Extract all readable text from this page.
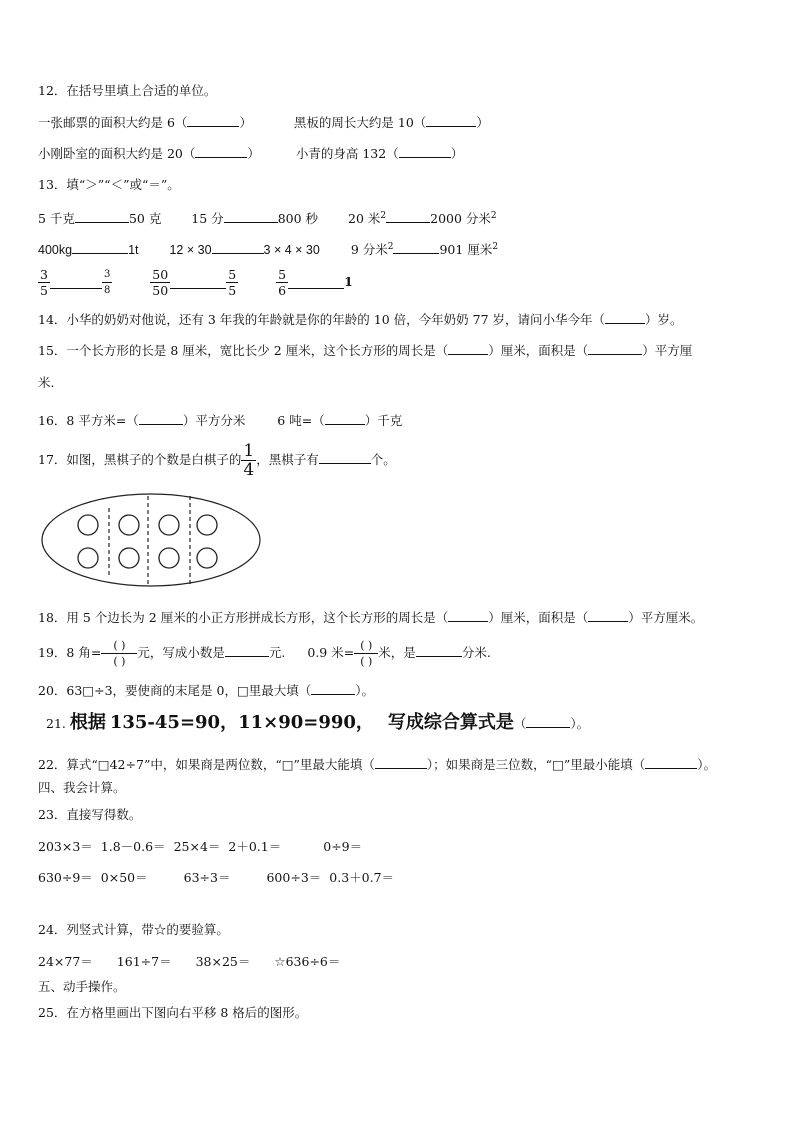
12．在括号里填上合适的单位。
一张邮票的面积大约是 6（	）	黑板的周长大约是 10（	）
小刚卧室的面积大约是 20（	）	小青的身高 132（	）
13．填“＞”“＜”或“＝”。
5 千克	50 克 15 分	800 秒 20 米$^2$	2000 分米$^2$
400kg	1t 12 × 30	3 × 4 × 30 9 分米$^2$	901 厘米$^2$
$\frac{3}{5}$	$\frac{3}{8}$
	$\frac{50}{50}$	$\frac{5}{5}$
	$\frac{5}{6}$	1
14．小华的奶奶对他说，还有 3 年我的年龄就是你的年龄的 10 倍，今年奶奶 77 岁，请问小华今年（	）岁。
15．一个长方形的长是 8 厘米，宽比长少 2 厘米，这个长方形的周长是（	）厘米，面积是（	）平方厘
米.
16．8 平方米=（	）平方分米	6 吨=（	）千克
17．如图，黑棋子的个数是白棋子的 $\frac{1}{4}$ ，黑棋子有	个。
18．用 5 个边长为 2 厘米的小正方形拼成长方形，这个长方形的周长是（	）厘米，面积是（	）平方厘米。
19．8 角= $\frac{( )}{( )}$ 元，写成小数是	元. 0.9 米= $\frac{( )}{( )}$ 米，是	分米.
20．63□÷3，要使商的末尾是 0，□里最大填（	）。
21. 根据 135-45=90，11×90=990， 写成综合算式是（	）。
22．算式“□42÷7”中，如果商是两位数，“□”里最大能填（	）；如果商是三位数，“□”里最小能填（	）。
四、我会计算。
23．直接写得数。
203×3＝ 1.8－0.6＝ 25×4＝ 2＋0.1＝	0÷9＝
630÷9＝ 0×50＝	63÷3＝	600÷3＝ 0.3＋0.7＝
24．列竖式计算，带☆的要验算。
24×77＝ 161÷7＝ 38×25＝ ☆636÷6＝
五、动手操作。
25．在方格里画出下图向右平移 8 格后的图形。
